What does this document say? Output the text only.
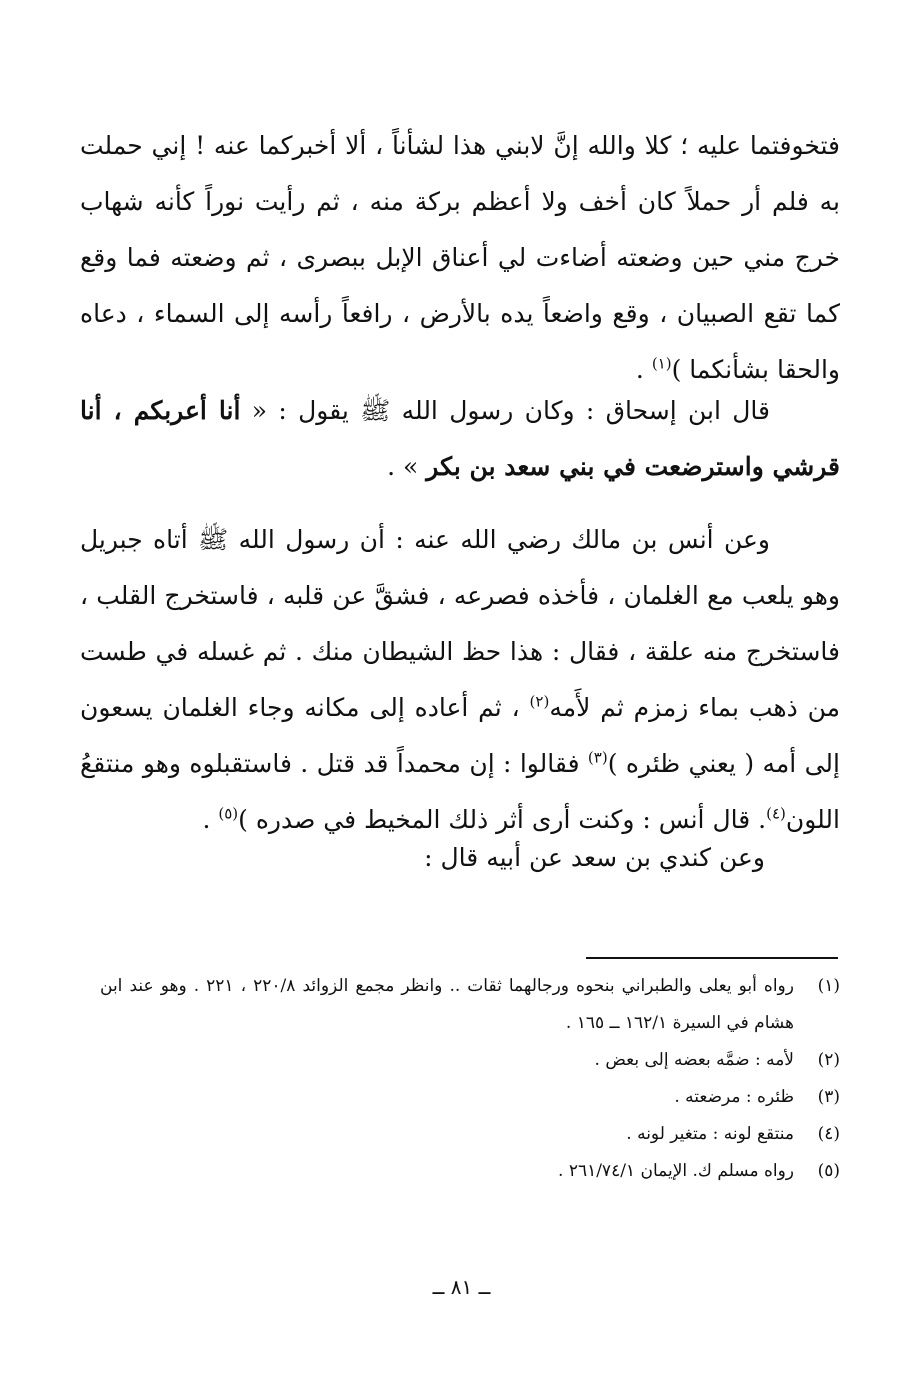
فتخوفتما عليه ؛ كلا والله إنَّ لابني هذا لشأناً ، ألا أخبركما عنه ! إني حملت به فلم أر حملاً كان أخف ولا أعظم بركة منه ، ثم رأيت نوراً كأنه شهاب خرج مني حين وضعته أضاءت لي أعناق الإبل ببصرى ، ثم وضعته فما وقع كما تقع الصبيان ، وقع واضعاً يده بالأرض ، رافعاً رأسه إلى السماء ، دعاه والحقا بشأنكما )$^{(١)}$ .
قال ابن إسحاق : وكان رسول الله ﷺ يقول : « أنا أعربكم ، أنا قرشي واسترضعت في بني سعد بن بكر » .
وعن أنس بن مالك رضي الله عنه : أن رسول الله ﷺ أتاه جبريل وهو يلعب مع الغلمان ، فأخذه فصرعه ، فشقَّ عن قلبه ، فاستخرج القلب ، فاستخرج منه علقة ، فقال : هذا حظ الشيطان منك . ثم غسله في طست من ذهب بماء زمزم ثم لأَمه$^{(٢)}$ ، ثم أعاده إلى مكانه وجاء الغلمان يسعون إلى أمه ( يعني ظئره )$^{(٣)}$ فقالوا : إن محمداً قد قتل . فاستقبلوه وهو منتقعُ اللون$^{(٤)}$. قال أنس : وكنت أرى أثر ذلك المخيط في صدره )$^{(٥)}$ .
وعن كندي بن سعد عن أبيه قال :
(١)
رواه أبو يعلى والطبراني بنحوه ورجالهما ثقات .. وانظر مجمع الزوائد ٢٢٠/٨ ، ٢٢١ . وهو عند ابن هشام في السيرة ١٦٢/١ ــ ١٦٥ .
(٢)
لأمه : ضمَّه بعضه إلى بعض .
(٣)
ظئره : مرضعته .
(٤)
منتقع لونه : متغير لونه .
(٥)
رواه مسلم ك. الإيمان ٢٦١/٧٤/١ .
ــ ٨١ ــ
